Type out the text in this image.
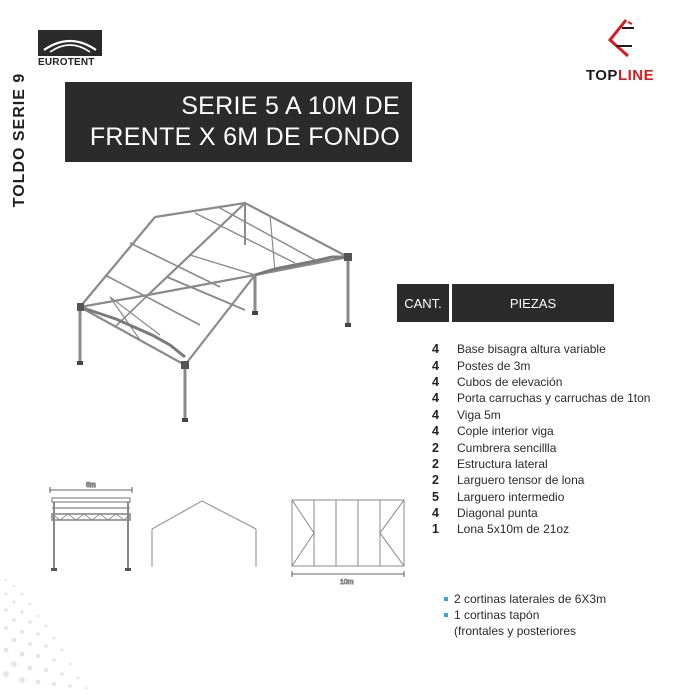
TOLDO SERIE 9
EUROTENT
TOPLINE
SERIE 5 A 10M DE
FRENTE X 6M DE FONDO
CANT.	PIEZAS
4	Base bisagra altura variable
4	Postes de 3m
4	Cubos de elevación
4	Porta carruchas y carruchas de 1ton
4	Viga 5m
4	Cople interior viga
2	Cumbrera sencillla
2	Estructura lateral
2	Larguero tensor de lona
5	Larguero intermedio
4	Diagonal punta
1	Lona 5x10m de 21oz
6m
10m
2 cortinas laterales de 6X3m
1 cortinas tapón
(frontales y posteriores
